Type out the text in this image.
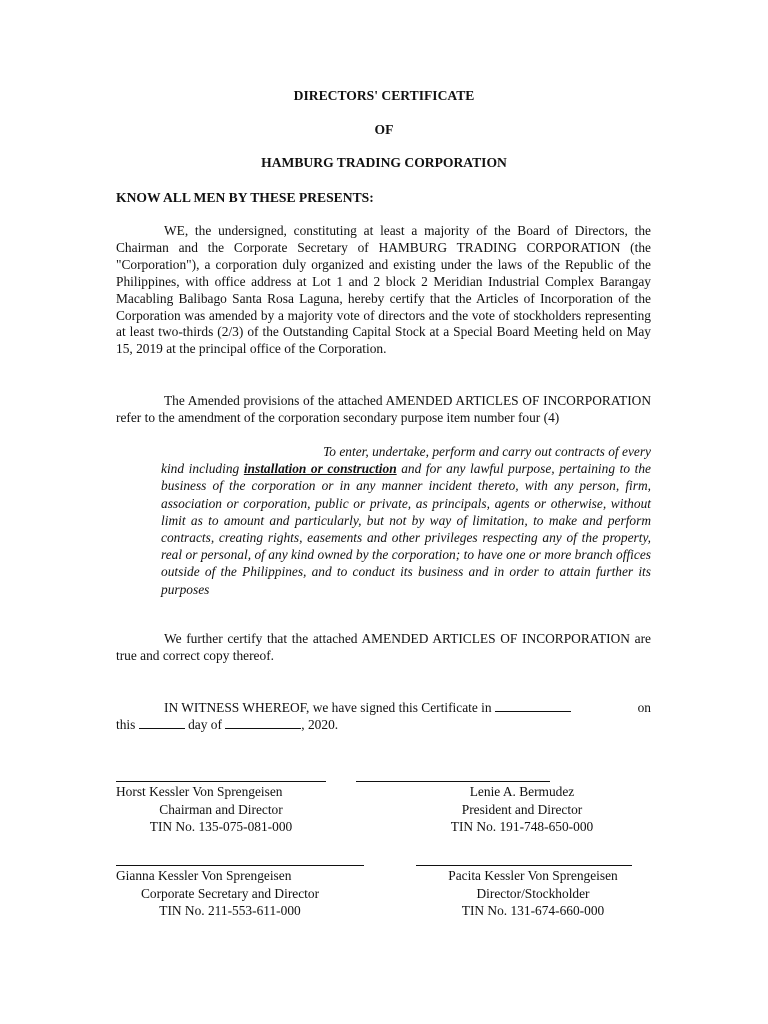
DIRECTORS' CERTIFICATE
OF
HAMBURG TRADING CORPORATION
KNOW ALL MEN BY THESE PRESENTS:

WE, the undersigned, constituting at least a majority of the Board of Directors, the Chairman and the Corporate Secretary of HAMBURG TRADING CORPORATION (the "Corporation"), a corporation duly organized and existing under the laws of the Republic of the Philippines, with office address at Lot 1 and 2 block 2 Meridian Industrial Complex Barangay Macabling Balibago Santa Rosa Laguna, hereby certify that the Articles of Incorporation of the Corporation was amended by a majority vote of directors and the vote of stockholders representing at least two-thirds (2/3) of the Outstanding Capital Stock at a Special Board Meeting held on May 15, 2019 at the principal office of the Corporation.

The Amended provisions of the attached AMENDED ARTICLES OF INCORPORATION refer to the amendment of the corporation secondary purpose item number four (4)

To enter, undertake, perform and carry out contracts of every
kind including installation or construction and for any lawful purpose, pertaining to the business of the corporation or in any manner incident thereto, with any person, firm, association or corporation, public or private, as principals, agents or otherwise, without limit as to amount and particularly, but not by way of limitation, to make and perform contracts, creating rights, easements and other privileges respecting any of the property, real or personal, of any kind owned by the corporation; to have one or more branch offices outside of the Philippines, and to conduct its business and in order to attain further its purposes

We further certify that the attached AMENDED ARTICLES OF INCORPORATION are true and correct copy thereof.

IN WITNESS WHEREOF, we have signed this Certificate in	on
this	day of	, 2020.
Horst Kessler Von Sprengeisen
Chairman and Director
TIN No. 135-075-081-000
Lenie A. Bermudez
President and Director
TIN No. 191-748-650-000
Gianna Kessler Von Sprengeisen
Corporate Secretary and Director
TIN No. 211-553-611-000
Pacita Kessler Von Sprengeisen
Director/Stockholder
TIN No. 131-674-660-000
